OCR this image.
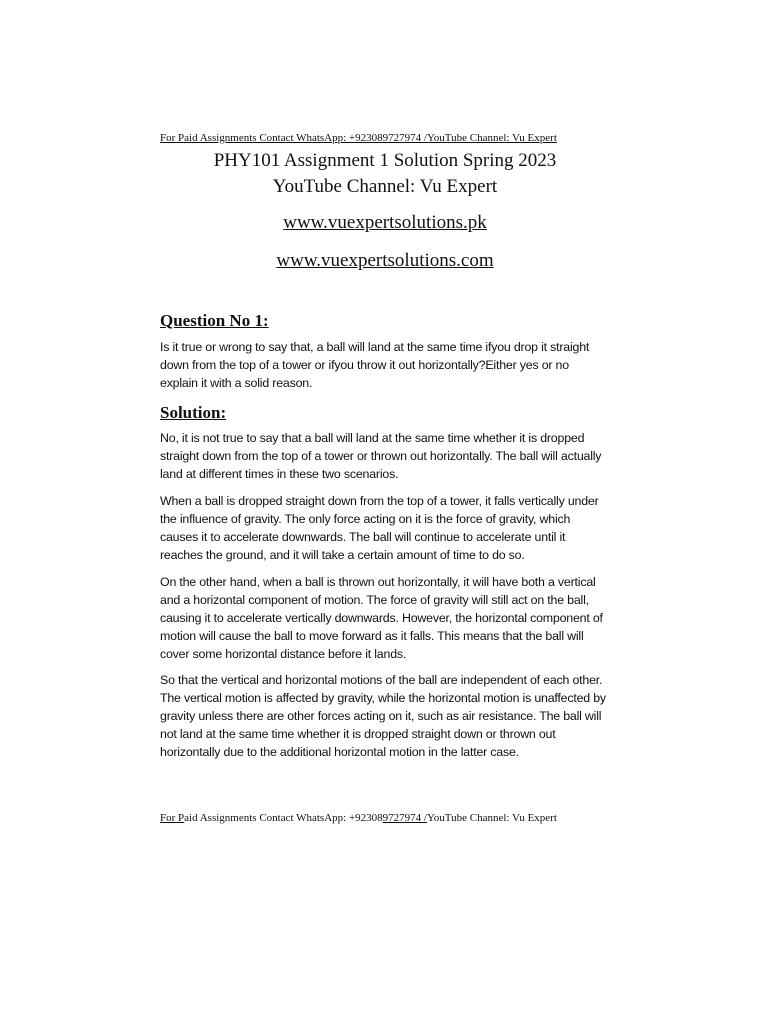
For Paid Assignments Contact WhatsApp: +923089727974 /YouTube Channel: Vu Expert
PHY101 Assignment 1 Solution Spring 2023
YouTube Channel: Vu Expert
www.vuexpertsolutions.pk
www.vuexpertsolutions.com
Question No 1:
Is it true or wrong to say that, a ball will land at the same time ifyou drop it straight down from the top of a tower or ifyou throw it out horizontally?Either yes or no explain it with a solid reason.
Solution:
No, it is not true to say that a ball will land at the same time whether it is dropped straight down from the top of a tower or thrown out horizontally. The ball will actually land at different times in these two scenarios.
When a ball is dropped straight down from the top of a tower, it falls vertically under the influence of gravity. The only force acting on it is the force of gravity, which causes it to accelerate downwards. The ball will continue to accelerate until it reaches the ground, and it will take a certain amount of time to do so.
On the other hand, when a ball is thrown out horizontally, it will have both a vertical and a horizontal component of motion. The force of gravity will still act on the ball, causing it to accelerate vertically downwards. However, the horizontal component of motion will cause the ball to move forward as it falls. This means that the ball will cover some horizontal distance before it lands.
So that the vertical and horizontal motions of the ball are independent of each other. The vertical motion is affected by gravity, while the horizontal motion is unaffected by gravity unless there are other forces acting on it, such as air resistance. The ball will not land at the same time whether it is dropped straight down or thrown out horizontally due to the additional horizontal motion in the latter case.
For Paid Assignments Contact WhatsApp: +923089727974 /YouTube Channel: Vu Expert
